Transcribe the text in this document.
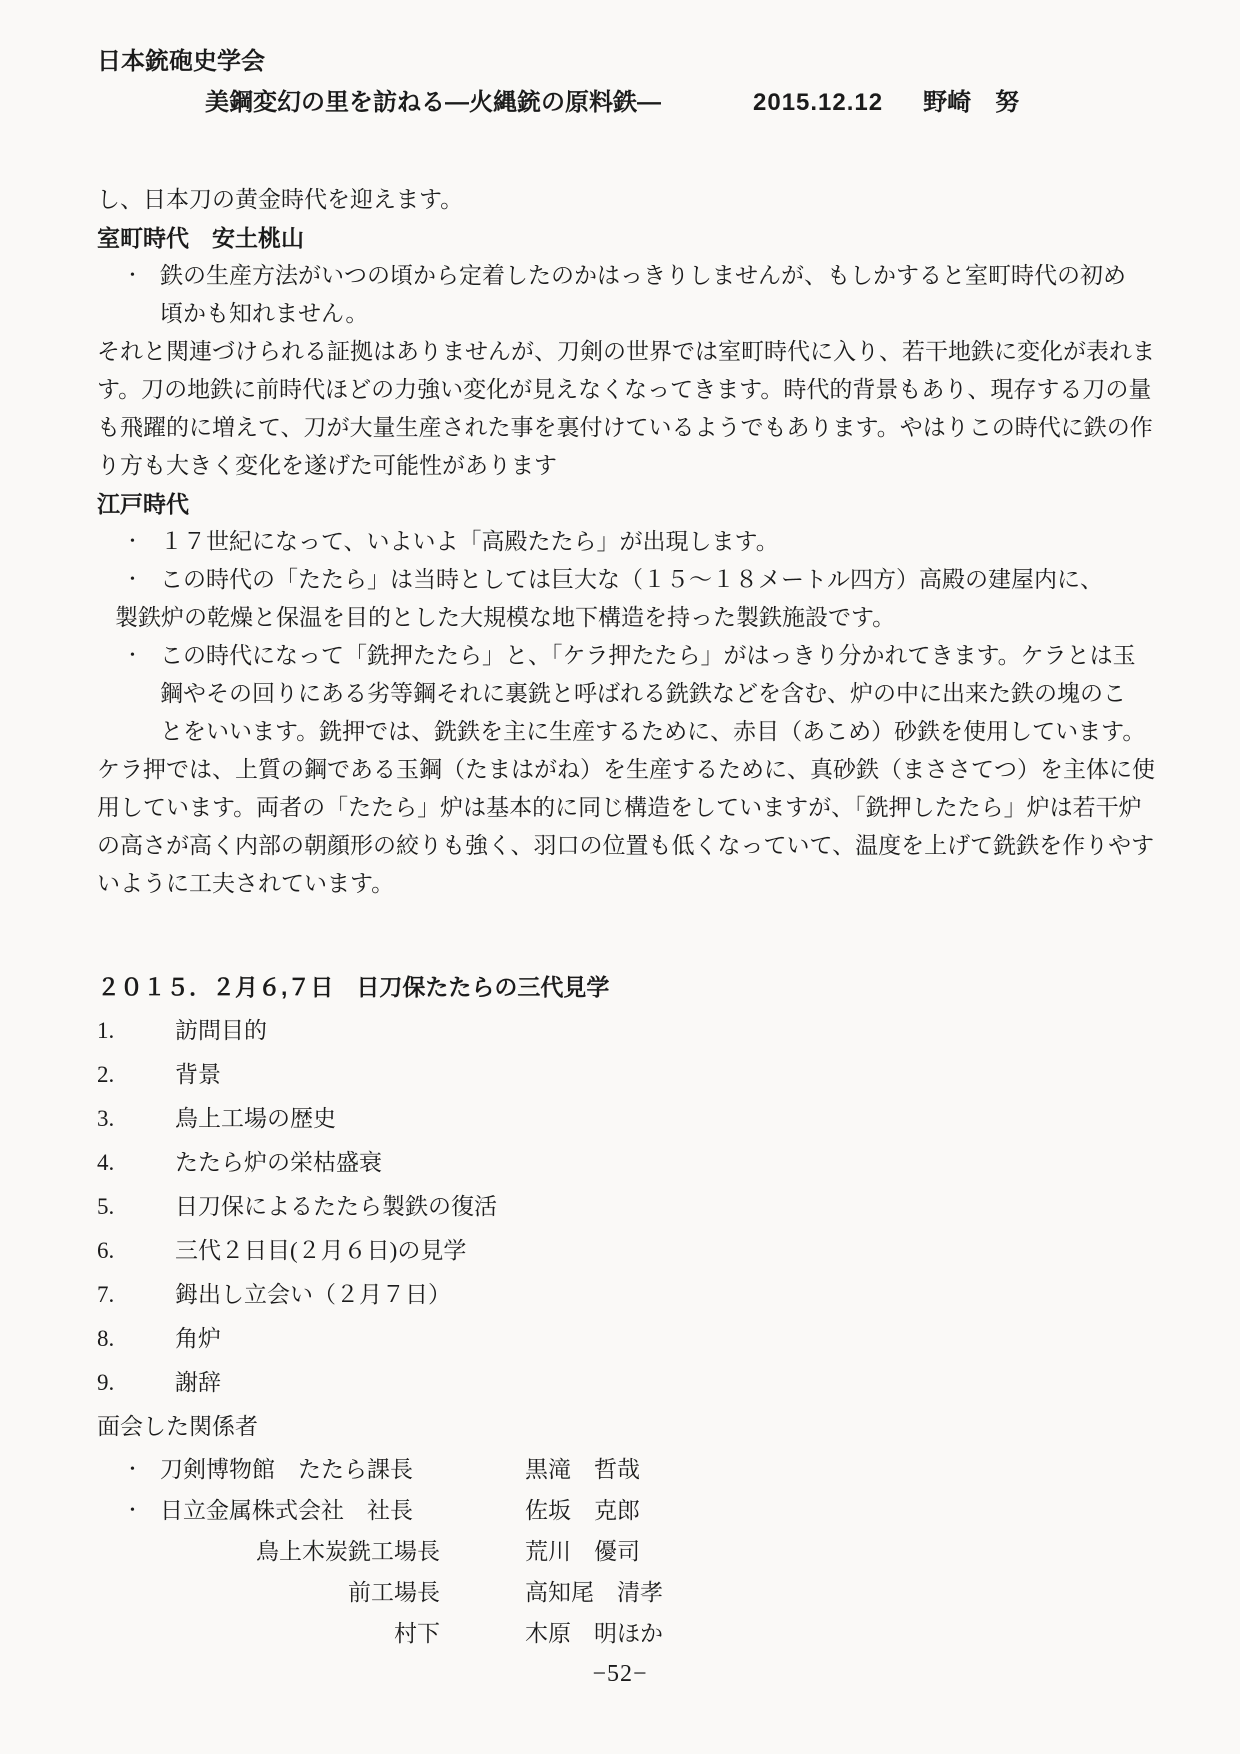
日本銃砲史学会
美鋼変幻の里を訪ねる―火縄銃の原料鉄―	2015.12.12 野崎　努
し、日本刀の黄金時代を迎えます。
室町時代　安土桃山
•	鉄の生産方法がいつの頃から定着したのかはっきりしませんが、もしかすると室町時代の初め
頃かも知れません。
それと関連づけられる証拠はありませんが、刀剣の世界では室町時代に入り、若干地鉄に変化が表れま
す。刀の地鉄に前時代ほどの力強い変化が見えなくなってきます。時代的背景もあり、現存する刀の量
も飛躍的に増えて、刀が大量生産された事を裏付けているようでもあります。やはりこの時代に鉄の作
り方も大きく変化を遂げた可能性があります
江戸時代
•	１７世紀になって、いよいよ「高殿たたら」が出現します。
•	この時代の「たたら」は当時としては巨大な（１５～１８メートル四方）高殿の建屋内に、
製鉄炉の乾燥と保温を目的とした大規模な地下構造を持った製鉄施設です。
•	この時代になって「銑押たたら」と、「ケラ押たたら」がはっきり分かれてきます。ケラとは玉
鋼やその回りにある劣等鋼それに裏銑と呼ばれる銑鉄などを含む、炉の中に出来た鉄の塊のこ
とをいいます。銑押では、銑鉄を主に生産するために、赤目（あこめ）砂鉄を使用しています。
ケラ押では、上質の鋼である玉鋼（たまはがね）を生産するために、真砂鉄（まささてつ）を主体に使
用しています。両者の「たたら」炉は基本的に同じ構造をしていますが、「銑押したたら」炉は若干炉
の高さが高く内部の朝顔形の絞りも強く、羽口の位置も低くなっていて、温度を上げて銑鉄を作りやす
いように工夫されています。
２０１５．２月６,７日　日刀保たたらの三代見学
1.	訪問目的
2.	背景
3.	鳥上工場の歴史
4.	たたら炉の栄枯盛衰
5.	日刀保によるたたら製鉄の復活
6.	三代２日目(２月６日)の見学
7.	鉧出し立会い（２月７日）
8.	角炉
9.	謝辞
面会した関係者
•	刀剣博物館　たたら課長	黒滝　哲哉
•	日立金属株式会社　社長	佐坂　克郎
鳥上木炭銑工場長	荒川　優司
前工場長	高知尾　清孝
村下	木原　明ほか
−52−
